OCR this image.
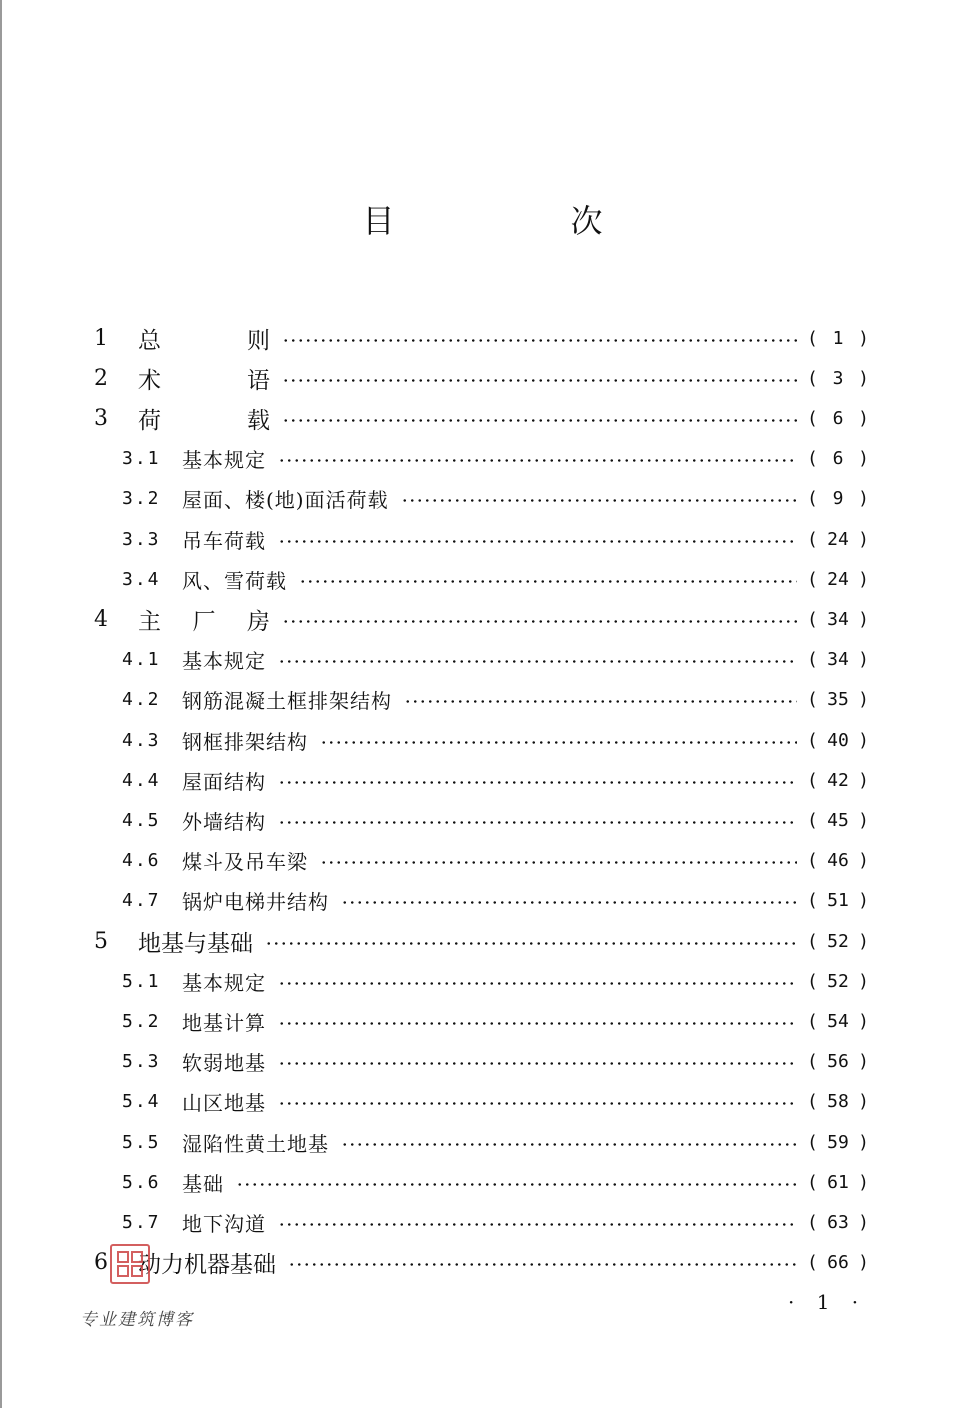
目　次
1	总　则	( 1 )
2	术　语	( 3 )
3	荷　载	( 6 )
3.1	基本规定	( 6 )
3.2	屋面、楼(地)面活荷载	( 9 )
3.3	吊车荷载	( 24 )
3.4	风、雪荷载	( 24 )
4	主厂房	( 34 )
4.1	基本规定	( 34 )
4.2	钢筋混凝土框排架结构	( 35 )
4.3	钢框排架结构	( 40 )
4.4	屋面结构	( 42 )
4.5	外墙结构	( 45 )
4.6	煤斗及吊车梁	( 46 )
4.7	锅炉电梯井结构	( 51 )
5	地基与基础	( 52 )
5.1	基本规定	( 52 )
5.2	地基计算	( 54 )
5.3	软弱地基	( 56 )
5.4	山区地基	( 58 )
5.5	湿陷性黄土地基	( 59 )
5.6	基础	( 61 )
5.7	地下沟道	( 63 )
6	动力机器基础	( 66 )
专业建筑博客
· 1 ·
